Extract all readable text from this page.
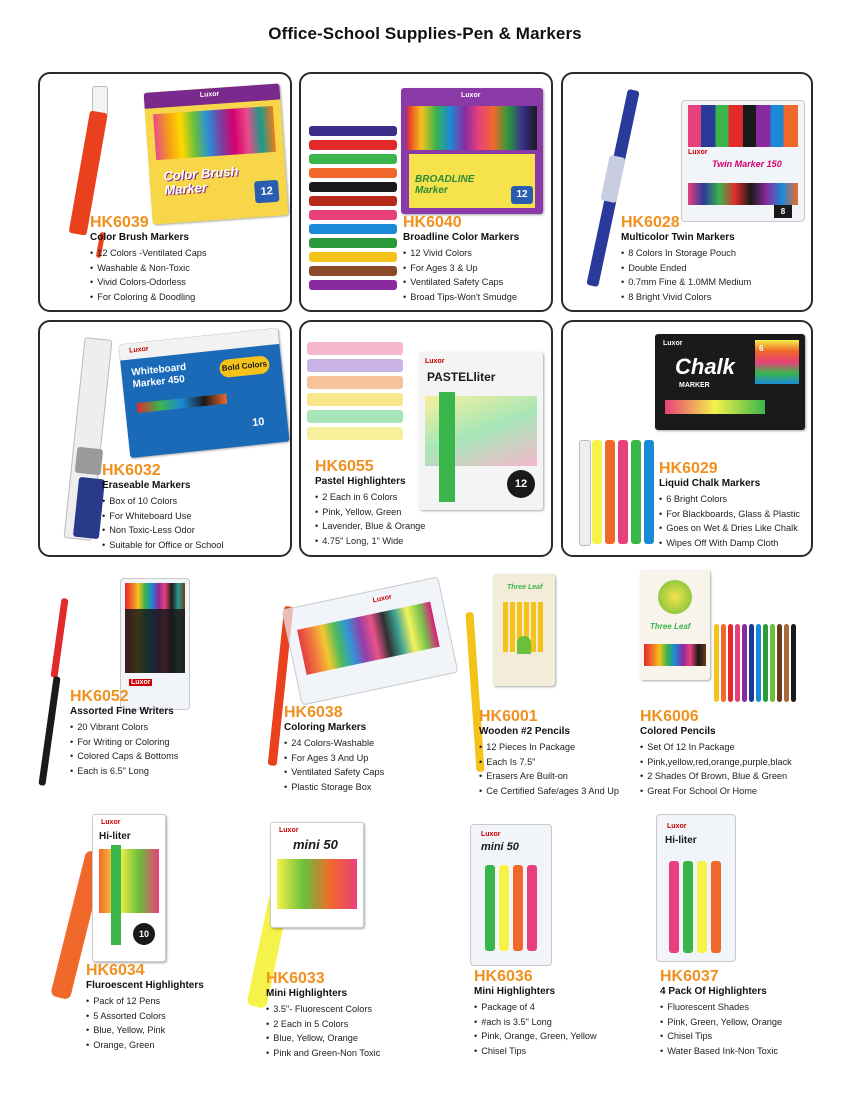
Office-School Supplies-Pen & Markers
Luxor
Color Brush Marker	12
HK6039
Color Brush Markers
• 12 Colors -Ventilated Caps
• Washable & Non-Toxic
• Vivid Colors-Odorless
• For Coloring & Doodling
Luxor
BROADLINE Marker	12
HK6040
Broadline Color Markers
• 12 Vivid Colors
• For Ages 3 & Up
• Ventilated Safety Caps
• Broad Tips-Won't Smudge
Luxor
Twin Marker 150
8
HK6028
Multicolor Twin Markers
• 8 Colors In Storage Pouch
• Double Ended
• 0.7mm Fine & 1.0MM Medium
• 8 Bright Vivid Colors
Luxor
Whiteboard Marker 450
Bold Colors
10
HK6032
Eraseable Markers
• Box of 10 Colors
• For Whiteboard Use
• Non Toxic-Less Odor
• Suitable for Office or School
Luxor
PASTELliter
12
HK6055
Pastel Highlighters
• 2 Each in 6 Colors
• Pink, Yellow, Green
• Lavender, Blue & Orange
• 4.75" Long, 1" Wide
Luxor
Chalk
MARKER
6
HK6029
Liquid Chalk Markers
• 6 Bright Colors
• For Blackboards, Glass & Plastic
• Goes on Wet & Dries Like Chalk
• Wipes Off With Damp Cloth
Luxor
HK6052
Assorted Fine Writers
• 20 Vibrant Colors
• For Writing or Coloring
• Colored Caps & Bottoms
• Each is 6.5" Long
Luxor
HK6038
Coloring Markers
• 24 Colors-Washable
• For Ages 3 And Up
• Ventilated Safety Caps
• Plastic Storage Box
Three Leaf
HK6001
Wooden #2 Pencils
• 12 Pieces In Package
• Each Is 7.5"
• Erasers Are Built-on
• Ce Certified Safe/ages 3 And Up
Three Leaf
HK6006
Colored Pencils
• Set Of 12 In Package
• Pink,yellow,red,orange,purple,black
• 2 Shades Of Brown, Blue & Green
• Great For School Or Home
Luxor
Hi-liter
10
HK6034
Fluroescent Highlighters
• Pack of 12 Pens
• 5 Assorted Colors
• Blue, Yellow, Pink
• Orange, Green
Luxor
mini 50
HK6033
Mini Highlighters
• 3.5"- Fluorescent Colors
• 2 Each in 5 Colors
• Blue, Yellow, Orange
• Pink and Green-Non Toxic
Luxor
mini 50
HK6036
Mini Highlighters
• Package of 4
• #ach is 3.5" Long
• Pink, Orange, Green, Yellow
• Chisel Tips
Luxor
Hi-liter
HK6037
4 Pack Of Highlighters
• Fluorescent Shades
• Pink, Green, Yellow, Orange
• Chisel Tips
• Water Based Ink-Non Toxic
